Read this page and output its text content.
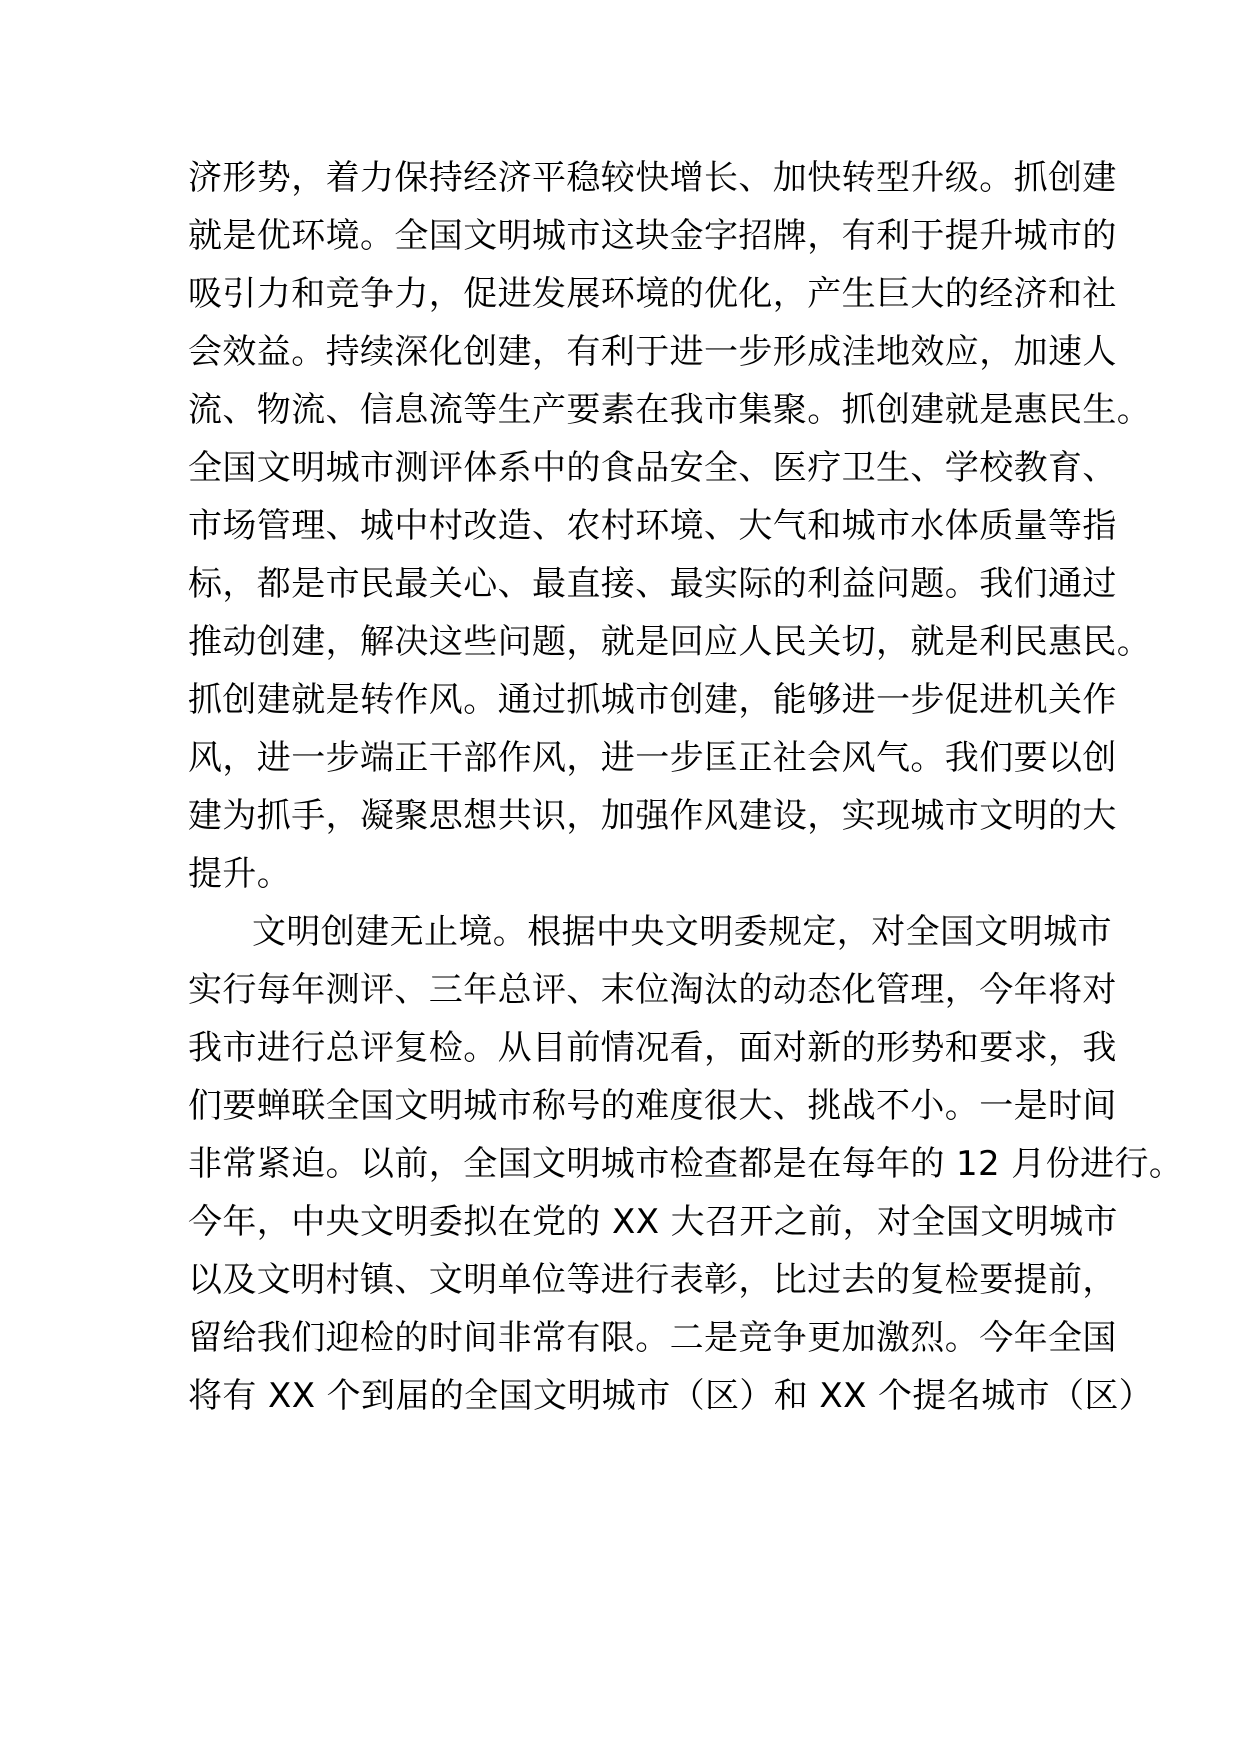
济形势，着力保持经济平稳较快增长、加快转型升级。抓创建
就是优环境。全国文明城市这块金字招牌，有利于提升城市的
吸引力和竞争力，促进发展环境的优化，产生巨大的经济和社
会效益。持续深化创建，有利于进一步形成洼地效应，加速人
流、物流、信息流等生产要素在我市集聚。抓创建就是惠民生。
全国文明城市测评体系中的食品安全、医疗卫生、学校教育、
市场管理、城中村改造、农村环境、大气和城市水体质量等指
标，都是市民最关心、最直接、最实际的利益问题。我们通过
推动创建，解决这些问题，就是回应人民关切，就是利民惠民。
抓创建就是转作风。通过抓城市创建，能够进一步促进机关作
风，进一步端正干部作风，进一步匡正社会风气。我们要以创
建为抓手，凝聚思想共识，加强作风建设，实现城市文明的大
提升。
文明创建无止境。根据中央文明委规定，对全国文明城市
实行每年测评、三年总评、末位淘汰的动态化管理，今年将对
我市进行总评复检。从目前情况看，面对新的形势和要求，我
们要蝉联全国文明城市称号的难度很大、挑战不小。一是时间
非常紧迫。以前，全国文明城市检查都是在每年的 12 月份进行。
今年，中央文明委拟在党的 XX 大召开之前，对全国文明城市
以及文明村镇、文明单位等进行表彰，比过去的复检要提前，
留给我们迎检的时间非常有限。二是竞争更加激烈。今年全国
将有 XX 个到届的全国文明城市（区）和 XX 个提名城市（区）
